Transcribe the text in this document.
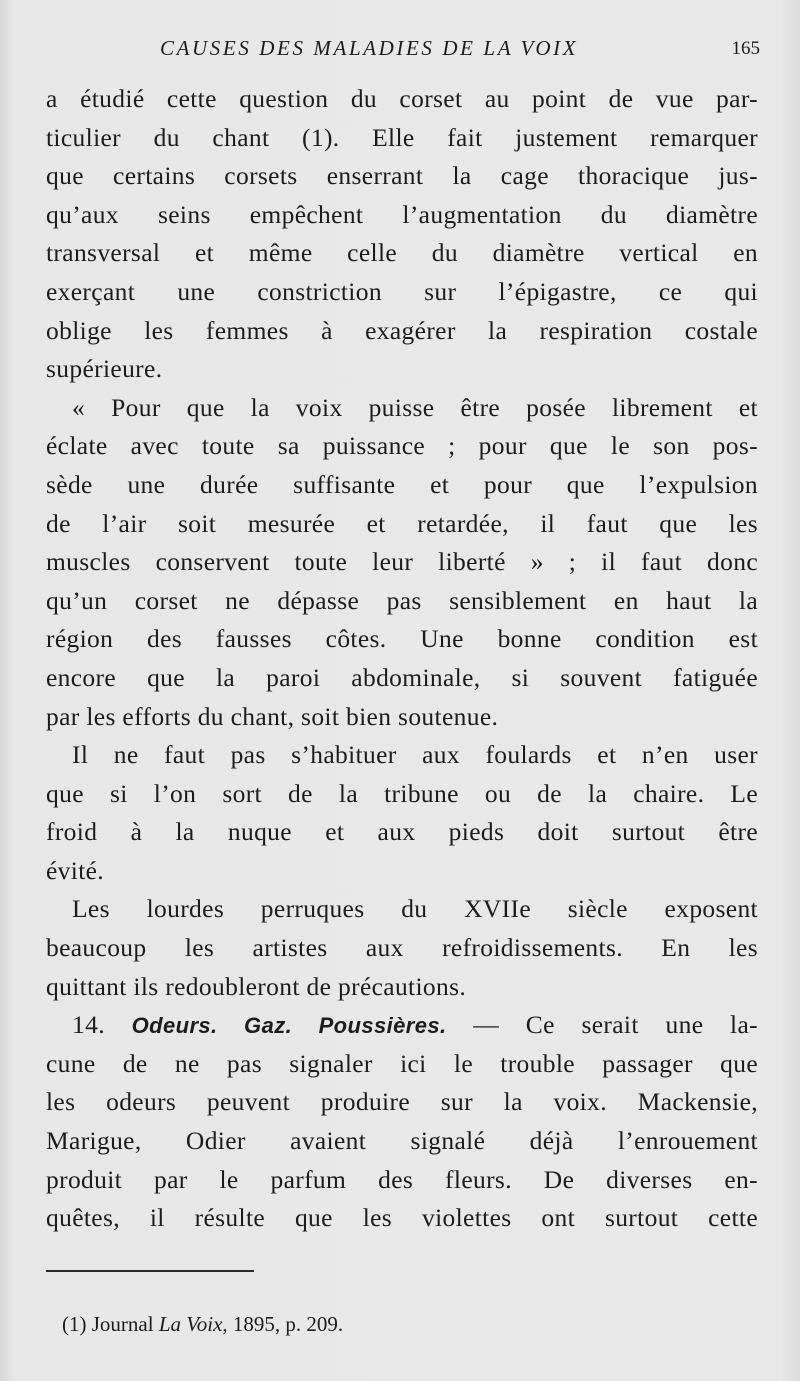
CAUSES DES MALADIES DE LA VOIX	165
a étudié cette question du corset au point de vue par-
ticulier du chant (1). Elle fait justement remarquer
que certains corsets enserrant la cage thoracique jus-
qu’aux seins empêchent l’augmentation du diamètre
transversal et même celle du diamètre vertical en
exerçant une constriction sur l’épigastre, ce qui
oblige les femmes à exagérer la respiration costale
supérieure.
« Pour que la voix puisse être posée librement et
éclate avec toute sa puissance ; pour que le son pos-
sède une durée suffisante et pour que l’expulsion
de l’air soit mesurée et retardée, il faut que les
muscles conservent toute leur liberté » ; il faut donc
qu’un corset ne dépasse pas sensiblement en haut la
région des fausses côtes. Une bonne condition est
encore que la paroi abdominale, si souvent fatiguée
par les efforts du chant, soit bien soutenue.
Il ne faut pas s’habituer aux foulards et n’en user
que si l’on sort de la tribune ou de la chaire. Le
froid à la nuque et aux pieds doit surtout être
évité.
Les lourdes perruques du XVIIe siècle exposent
beaucoup les artistes aux refroidissements. En les
quittant ils redoubleront de précautions.
14. Odeurs. Gaz. Poussières. — Ce serait une la-
cune de ne pas signaler ici le trouble passager que
les odeurs peuvent produire sur la voix. Mackensie,
Marigue, Odier avaient signalé déjà l’enrouement
produit par le parfum des fleurs. De diverses en-
quêtes, il résulte que les violettes ont surtout cette
(1) Journal La Voix, 1895, p. 209.
